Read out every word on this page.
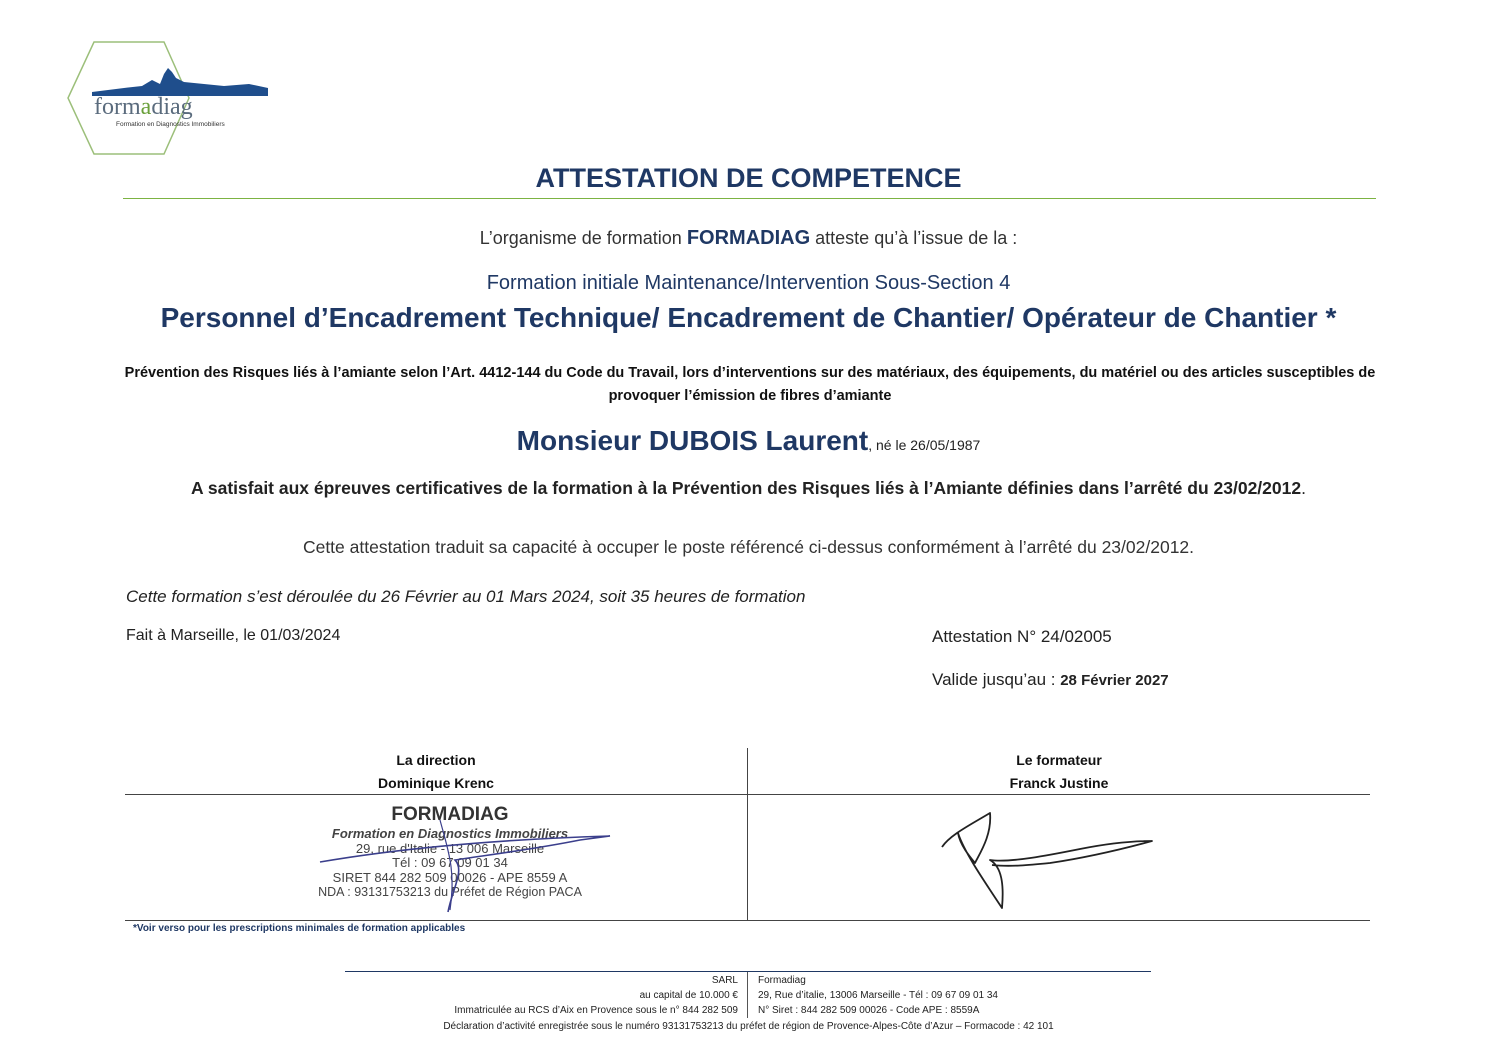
formadiag
Formation en Diagnostics Immobiliers
ATTESTATION DE COMPETENCE
L’organisme de formation FORMADIAG atteste qu’à l’issue de la :
Formation initiale Maintenance/Intervention Sous-Section 4
Personnel d’Encadrement Technique/ Encadrement de Chantier/ Opérateur de Chantier *
Prévention des Risques liés à l’amiante selon l’Art. 4412-144 du Code du Travail, lors d’interventions sur des matériaux, des équipements, du matériel ou des articles susceptibles de provoquer l’émission de fibres d’amiante
Monsieur DUBOIS Laurent, né le 26/05/1987
A satisfait aux épreuves certificatives de la formation à la Prévention des Risques liés à l’Amiante définies dans l’arrêté du 23/02/2012.
Cette attestation traduit sa capacité à occuper le poste référencé ci-dessus conformément à l’arrêté du 23/02/2012.
Cette formation s’est déroulée du 26 Février au 01 Mars 2024, soit 35 heures de formation
Fait à Marseille, le 01/03/2024	Attestation N° 24/02005
Valide jusqu’au : 28 Février 2027
La direction
Dominique Krenc
Le formateur
Franck Justine
FORMADIAG
Formation en Diagnostics Immobiliers
29, rue d'Italie - 13 006 Marseille
Tél : 09 67 09 01 34
SIRET 844 282 509 00026 - APE 8559 A
NDA : 93131753213 du Préfet de Région PACA
*Voir verso pour les prescriptions minimales de formation applicables
SARL
au capital de 10.000 €
Immatriculée au RCS d’Aix en Provence sous le n° 844 282 509
Formadiag
29, Rue d’italie, 13006 Marseille - Tél : 09 67 09 01 34
N° Siret : 844 282 509 00026 - Code APE : 8559A
Déclaration d’activité enregistrée sous le numéro 93131753213 du préfet de région de Provence-Alpes-Côte d’Azur – Formacode : 42 101
